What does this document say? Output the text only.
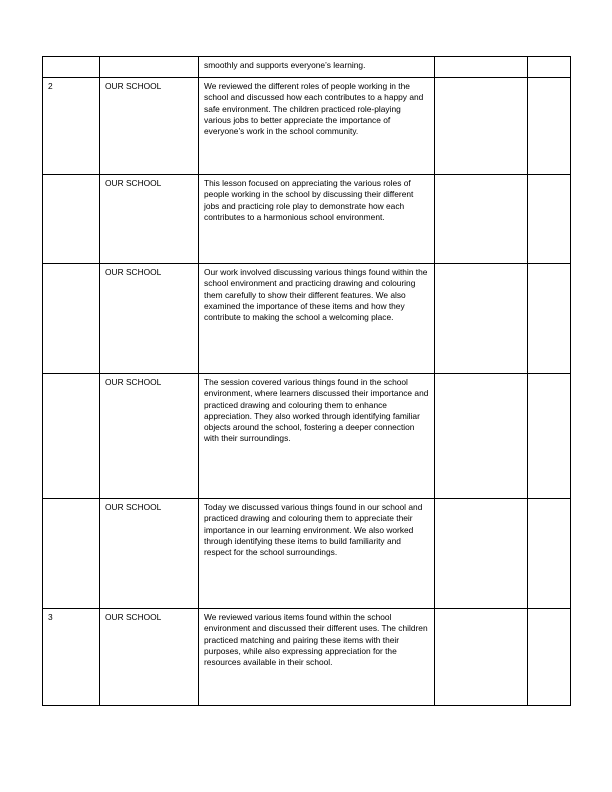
		smoothly and supports everyone’s learning.		
2	OUR SCHOOL	We reviewed the different roles of people working in the school and discussed how each contributes to a happy and safe environment. The children practiced role-playing various jobs to better appreciate the importance of everyone’s work in the school community.		
	OUR SCHOOL	This lesson focused on appreciating the various roles of people working in the school by discussing their different jobs and practicing role play to demonstrate how each contributes to a harmonious school environment.		
	OUR SCHOOL	Our work involved discussing various things found within the school environment and practicing drawing and colouring them carefully to show their different features. We also examined the importance of these items and how they contribute to making the school a welcoming place.		
	OUR SCHOOL	The session covered various things found in the school environment, where learners discussed their importance and practiced drawing and colouring them to enhance appreciation. They also worked through identifying familiar objects around the school, fostering a deeper connection with their surroundings.		
	OUR SCHOOL	Today we discussed various things found in our school and practiced drawing and colouring them to appreciate their importance in our learning environment. We also worked through identifying these items to build familiarity and respect for the school surroundings.		
3	OUR SCHOOL	We reviewed various items found within the school environment and discussed their different uses. The children practiced matching and pairing these items with their purposes, while also expressing appreciation for the resources available in their school.		
